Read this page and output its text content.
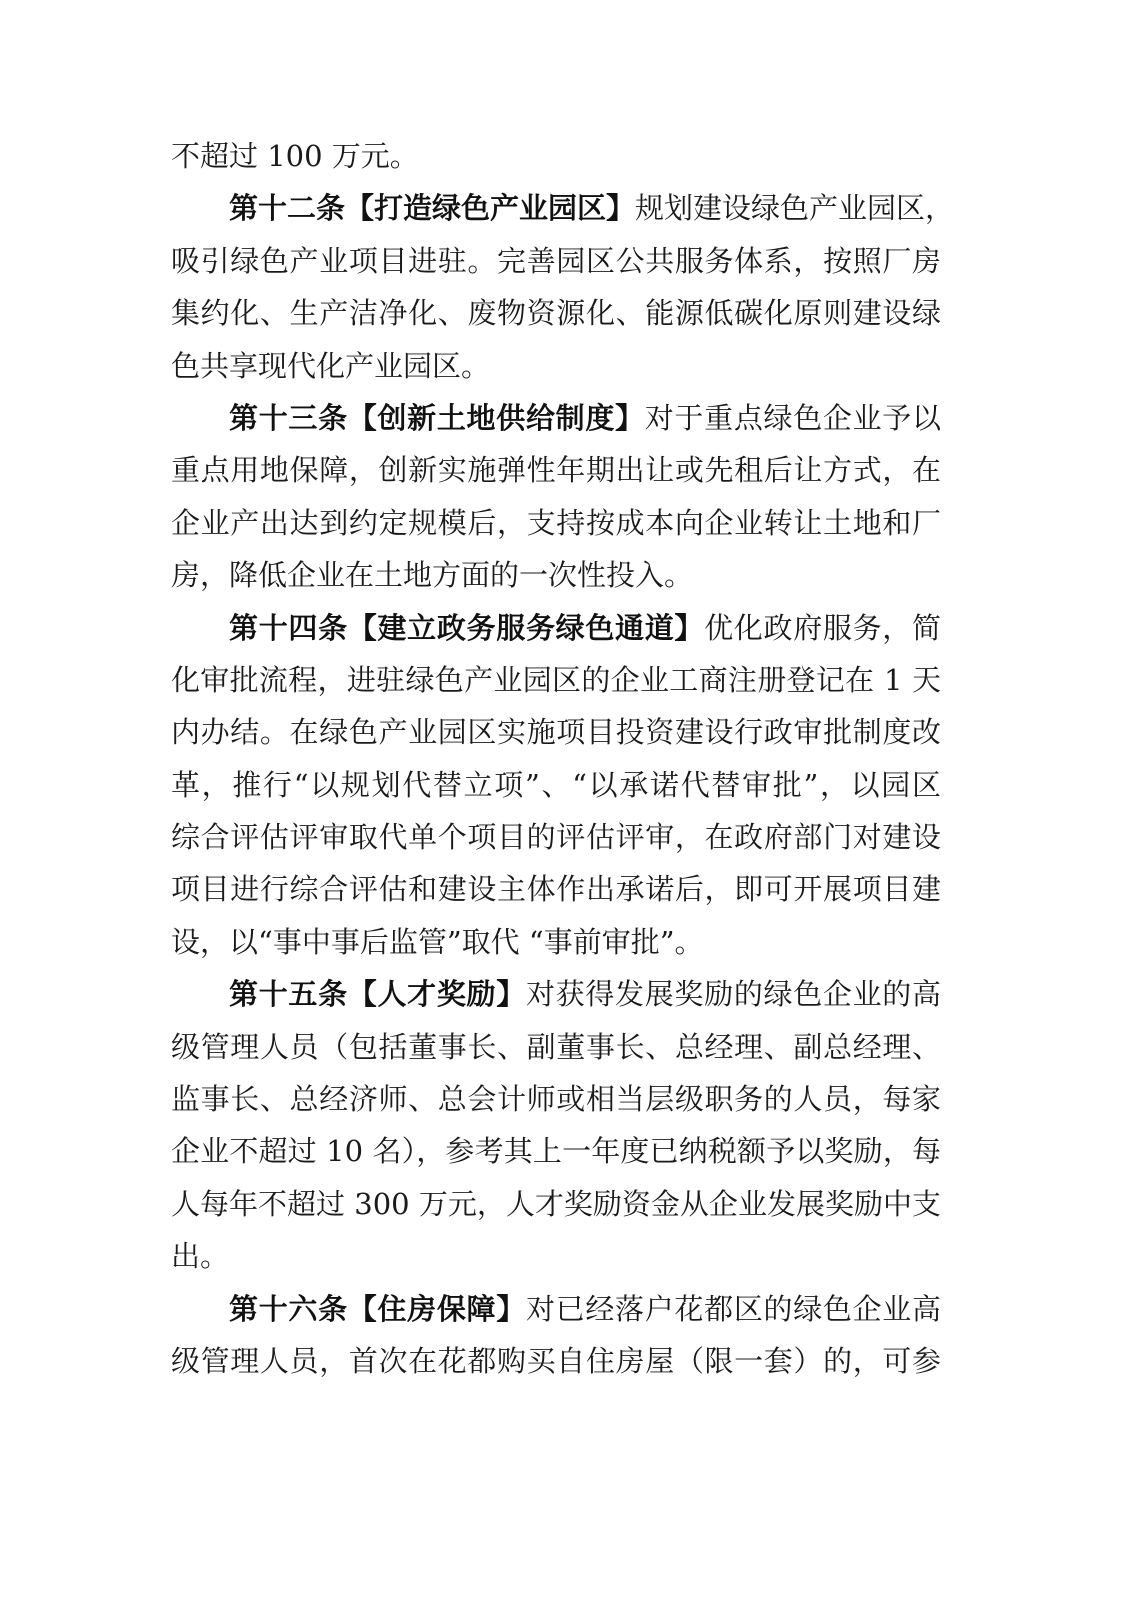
不超过 100 万元。
第十二条【打造绿色产业园区】规划建设绿色产业园区，
吸引绿色产业项目进驻。完善园区公共服务体系，按照厂房
集约化、生产洁净化、废物资源化、能源低碳化原则建设绿
色共享现代化产业园区。
第十三条【创新土地供给制度】对于重点绿色企业予以
重点用地保障，创新实施弹性年期出让或先租后让方式，在
企业产出达到约定规模后，支持按成本向企业转让土地和厂
房，降低企业在土地方面的一次性投入。
第十四条【建立政务服务绿色通道】优化政府服务，简
化审批流程，进驻绿色产业园区的企业工商注册登记在 1 天
内办结。在绿色产业园区实施项目投资建设行政审批制度改
革，推行“以规划代替立项”、“以承诺代替审批”，以园区
综合评估评审取代单个项目的评估评审，在政府部门对建设
项目进行综合评估和建设主体作出承诺后，即可开展项目建
设，以“事中事后监管”取代 “事前审批”。
第十五条【人才奖励】对获得发展奖励的绿色企业的高
级管理人员（包括董事长、副董事长、总经理、副总经理、
监事长、总经济师、总会计师或相当层级职务的人员，每家
企业不超过 10 名），参考其上一年度已纳税额予以奖励，每
人每年不超过 300 万元，人才奖励资金从企业发展奖励中支
出。
第十六条【住房保障】对已经落户花都区的绿色企业高
级管理人员，首次在花都购买自住房屋（限一套）的，可参
